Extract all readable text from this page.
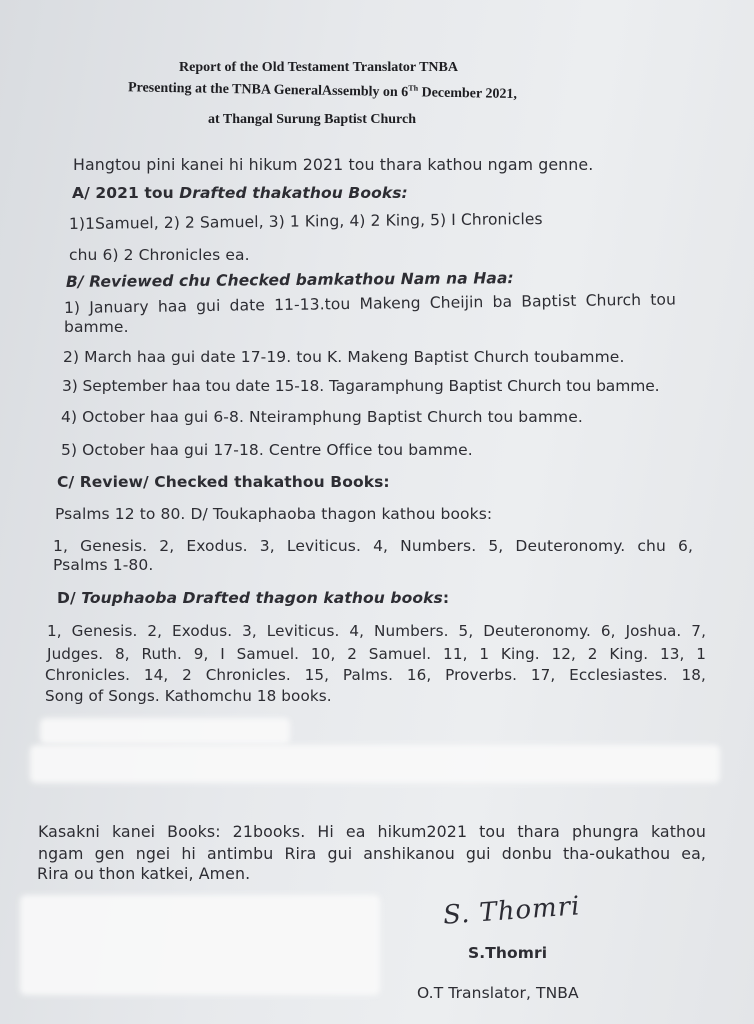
Report of the Old Testament Translator TNBA
Presenting at the TNBA GeneralAssembly on 6Th December 2021,
at Thangal Surung Baptist Church
Hangtou pini kanei hi hikum 2021 tou thara kathou ngam genne.
A/ 2021 tou Drafted thakathou Books:
1)1Samuel, 2) 2 Samuel, 3) 1 King, 4) 2 King, 5) I Chronicles
chu 6) 2 Chronicles ea.
B/ Reviewed chu Checked bamkathou Nam na Haa:
1) January haa gui date 11-13.tou Makeng Cheijin ba Baptist Church tou
bamme.
2) March haa gui date 17-19. tou K. Makeng Baptist Church toubamme.
3) September haa tou date 15-18. Tagaramphung Baptist Church tou bamme.
4) October haa gui 6-8. Nteiramphung Baptist Church tou bamme.
5) October haa gui 17-18. Centre Office tou bamme.
C/ Review/ Checked thakathou Books:
Psalms 12 to 80. D/ Toukaphaoba thagon kathou books:
1, Genesis. 2, Exodus. 3, Leviticus. 4, Numbers. 5, Deuteronomy. chu 6,
Psalms 1-80.
D/ Touphaoba Drafted thagon kathou books:
1, Genesis. 2, Exodus. 3, Leviticus. 4, Numbers. 5, Deuteronomy. 6, Joshua. 7,
Judges. 8, Ruth. 9, I Samuel. 10, 2 Samuel. 11, 1 King. 12, 2 King. 13, 1
Chronicles. 14, 2 Chronicles. 15, Palms. 16, Proverbs. 17, Ecclesiastes. 18,
Song of Songs. Kathomchu 18 books.
Kasakni kanei Books: 21books. Hi ea hikum2021 tou thara phungra kathou
ngam gen ngei hi antimbu Rira gui anshikanou gui donbu tha-oukathou ea,
Rira ou thon katkei, Amen.
S. Thomri
S.Thomri
O.T Translator, TNBA
